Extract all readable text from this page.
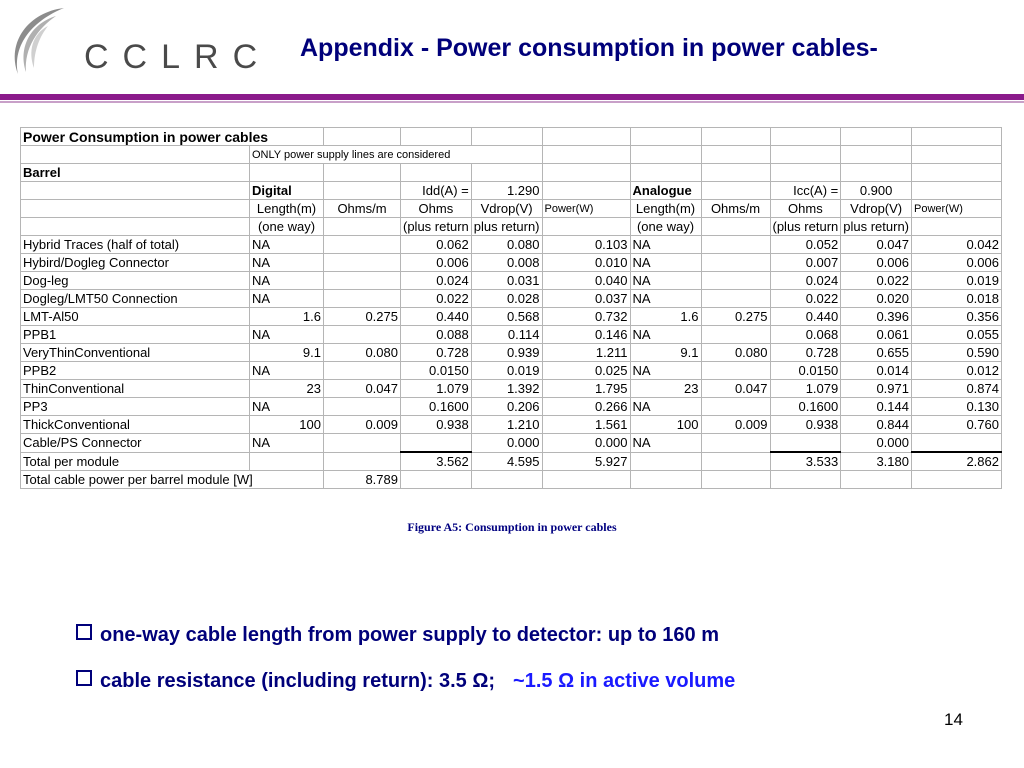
CCLRC Appendix - Power consumption in power cables-
Power Consumption in power cables										
	ONLY power supply lines are considered									
Barrel										
	Digital		Idd(A) =	1.290		Analogue		Icc(A) =	0.900	
	Length(m)	Ohms/m	Ohms	Vdrop(V)	Power(W)	Length(m)	Ohms/m	Ohms	Vdrop(V)	Power(W)
	(one way)		(plus return	plus return)		(one way)		(plus return	plus return)	
Hybrid Traces (half of total)	NA		0.062	0.080	0.103	NA		0.052	0.047	0.042
Hybird/Dogleg Connector	NA		0.006	0.008	0.010	NA		0.007	0.006	0.006
Dog-leg	NA		0.024	0.031	0.040	NA		0.024	0.022	0.019
Dogleg/LMT50 Connection	NA		0.022	0.028	0.037	NA		0.022	0.020	0.018
LMT-Al50	1.6	0.275	0.440	0.568	0.732	1.6	0.275	0.440	0.396	0.356
PPB1	NA		0.088	0.114	0.146	NA		0.068	0.061	0.055
VeryThinConventional	9.1	0.080	0.728	0.939	1.211	9.1	0.080	0.728	0.655	0.590
PPB2	NA		0.0150	0.019	0.025	NA		0.0150	0.014	0.012
ThinConventional	23	0.047	1.079	1.392	1.795	23	0.047	1.079	0.971	0.874
PP3	NA		0.1600	0.206	0.266	NA		0.1600	0.144	0.130
ThickConventional	100	0.009	0.938	1.210	1.561	100	0.009	0.938	0.844	0.760
Cable/PS Connector	NA			0.000	0.000	NA			0.000	
Total per module			3.562	4.595	5.927			3.533	3.180	2.862
Total cable power per barrel module [W]		8.789								
Figure A5: Consumption in power cables
one-way cable length from power supply to detector: up to 160 m
cable resistance (including return): 3.5 Ω; ~1.5 Ω in active volume
14
